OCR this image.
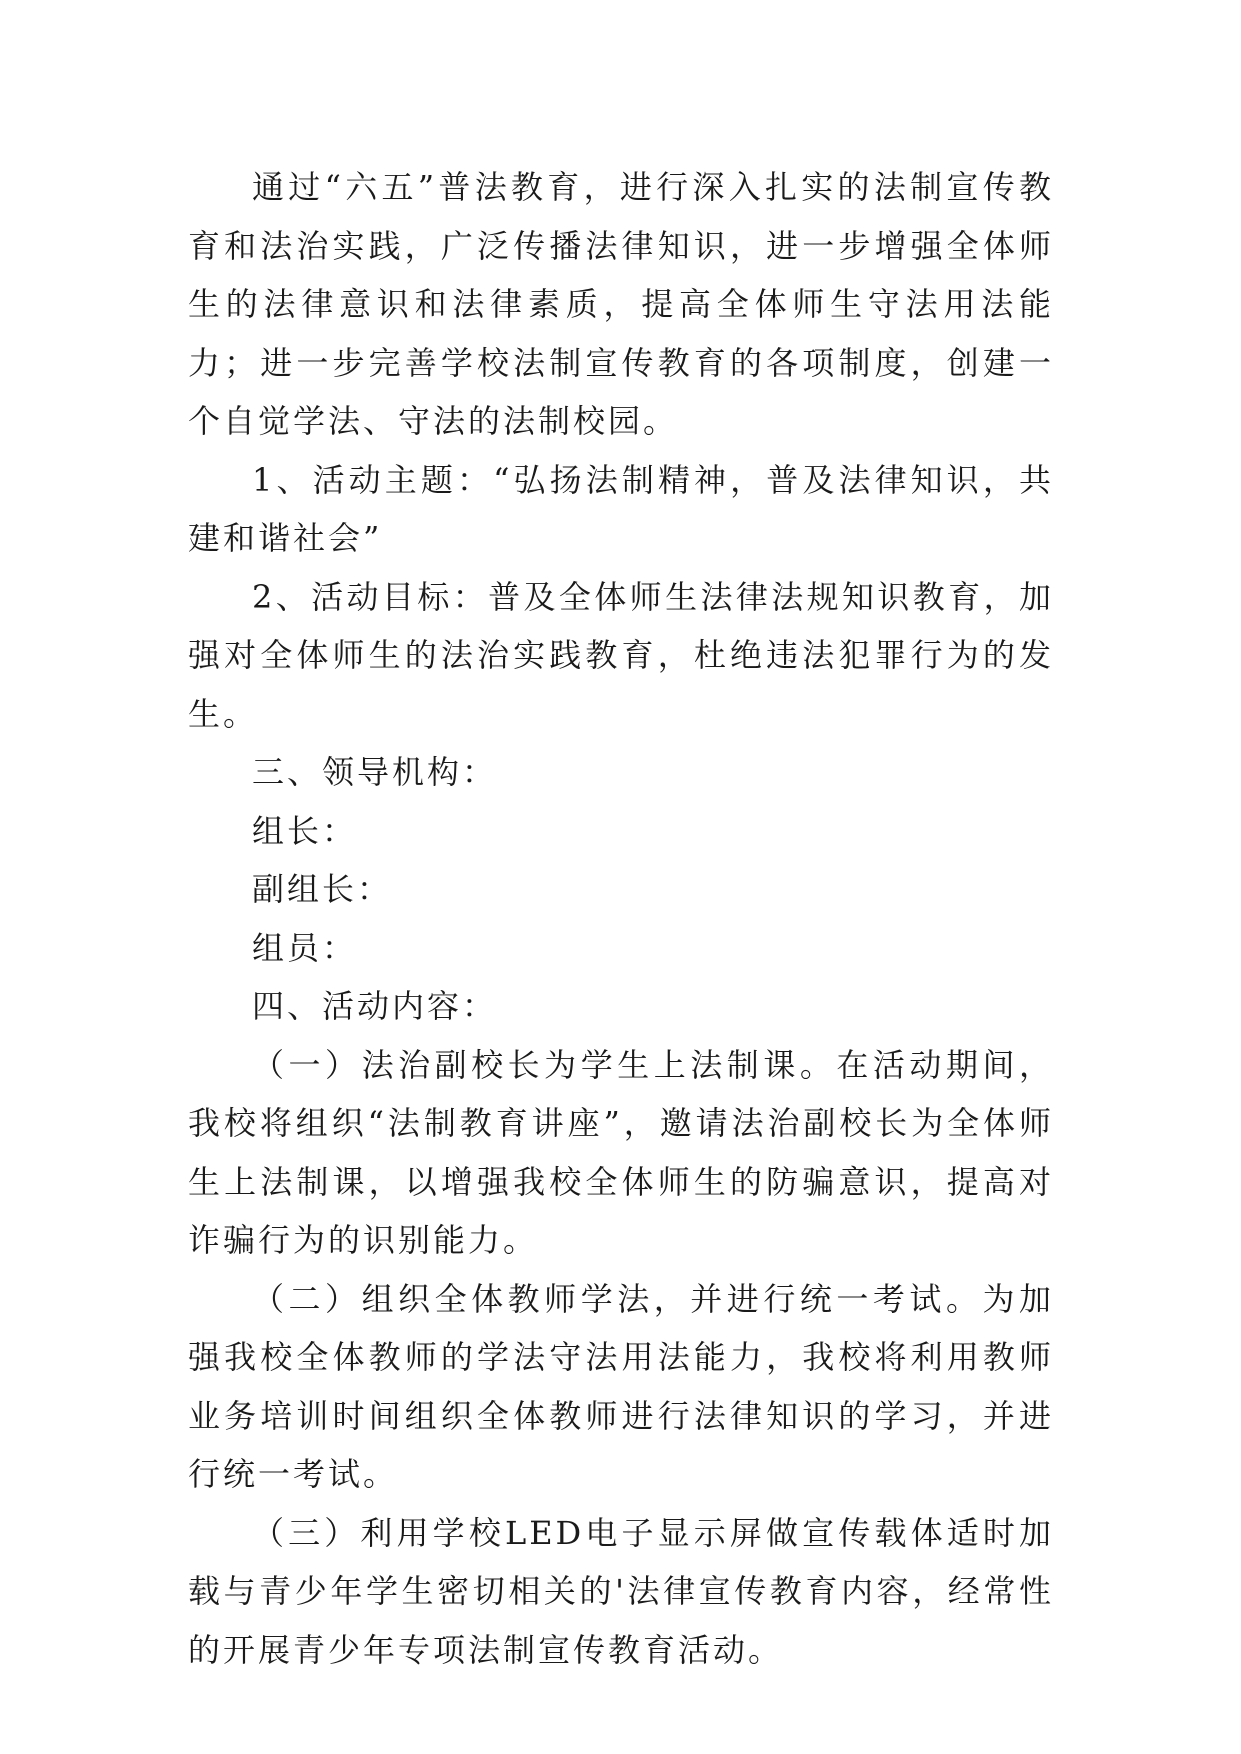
通过“六五”普法教育，进行深入扎实的法制宣传教育和法治实践，广泛传播法律知识，进一步增强全体师生的法律意识和法律素质，提高全体师生守法用法能力；进一步完善学校法制宣传教育的各项制度，创建一个自觉学法、守法的法制校园。

1、活动主题：“弘扬法制精神，普及法律知识，共建和谐社会”

2、活动目标：普及全体师生法律法规知识教育，加强对全体师生的法治实践教育，杜绝违法犯罪行为的发生。

三、领导机构：

组长：

副组长：

组员：

四、活动内容：

（一）法治副校长为学生上法制课。在活动期间，我校将组织“法制教育讲座”，邀请法治副校长为全体师生上法制课，以增强我校全体师生的防骗意识，提高对诈骗行为的识别能力。

（二）组织全体教师学法，并进行统一考试。为加强我校全体教师的学法守法用法能力，我校将利用教师业务培训时间组织全体教师进行法律知识的学习，并进行统一考试。

（三）利用学校LED电子显示屏做宣传载体适时加载与青少年学生密切相关的'法律宣传教育内容，经常性的开展青少年专项法制宣传教育活动。
